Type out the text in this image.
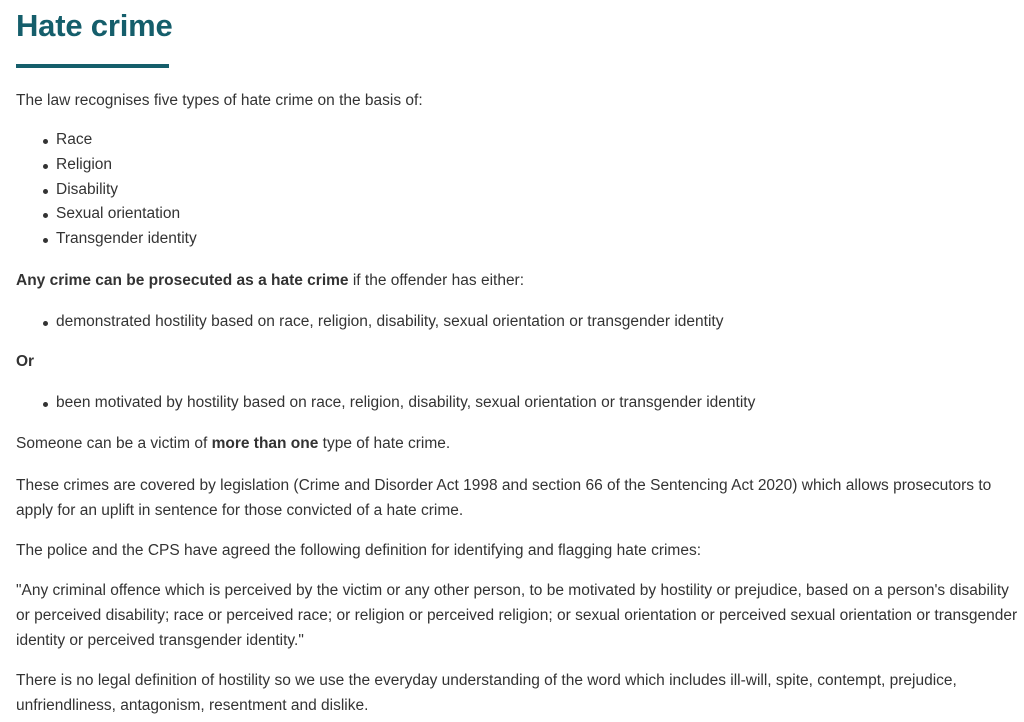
Hate crime

The law recognises five types of hate crime on the basis of:

Race
Religion
Disability
Sexual orientation
Transgender identity

Any crime can be prosecuted as a hate crime if the offender has either:

demonstrated hostility based on race, religion, disability, sexual orientation or transgender identity

Or

been motivated by hostility based on race, religion, disability, sexual orientation or transgender identity

Someone can be a victim of more than one type of hate crime.

These crimes are covered by legislation (Crime and Disorder Act 1998 and section 66 of the Sentencing Act 2020) which allows prosecutors to apply for an uplift in sentence for those convicted of a hate crime.

The police and the CPS have agreed the following definition for identifying and flagging hate crimes:

"Any criminal offence which is perceived by the victim or any other person, to be motivated by hostility or prejudice, based on a person's disability or perceived disability; race or perceived race; or religion or perceived religion; or sexual orientation or perceived sexual orientation or transgender identity or perceived transgender identity."

There is no legal definition of hostility so we use the everyday understanding of the word which includes ill-will, spite, contempt, prejudice, unfriendliness, antagonism, resentment and dislike.
